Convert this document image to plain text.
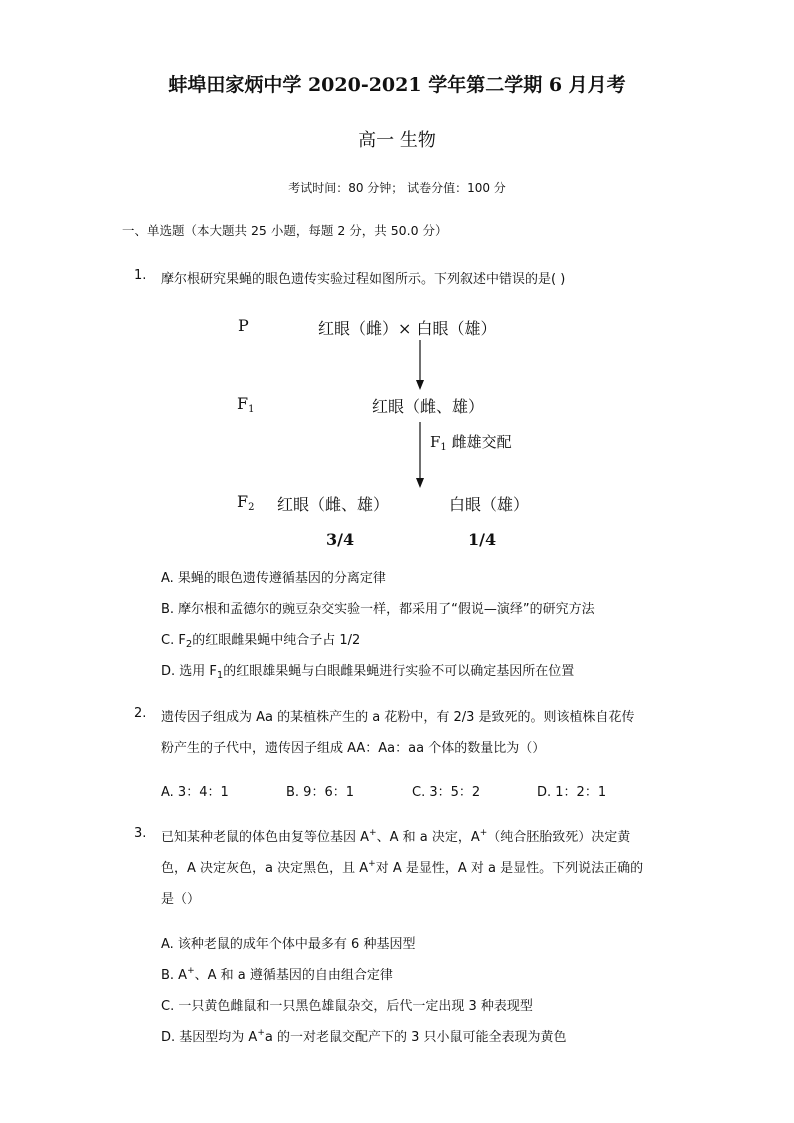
蚌埠田家炳中学 2020-2021 学年第二学期 6 月月考
高一 生物
考试时间：80 分钟； 试卷分值：100 分
一、单选题（本大题共 25 小题，每题 2 分，共 50.0 分）
1. 摩尔根研究果蝇的眼色遗传实验过程如图所示。下列叙述中错误的是( )
P	红眼（雌）× 白眼（雄）
$F_1$	红眼（雌、雄）
$F_1$ 雌雄交配
$F_2$ 红眼（雌、雄）	白眼（雄）
3/4	1/4
A. 果蝇的眼色遗传遵循基因的分离定律
B. 摩尔根和孟德尔的豌豆杂交实验一样，都采用了“假说—演绎”的研究方法
C. $F_2$的红眼雌果蝇中纯合子占 1/2
D. 选用 $F_1$的红眼雄果蝇与白眼雌果蝇进行实验不可以确定基因所在位置
2. 遗传因子组成为 Aa 的某植株产生的 a 花粉中，有 2/3 是致死的。则该植株自花传
粉产生的子代中，遗传因子组成 AA：Aa：aa 个体的数量比为（）
A. 3：4：1	B. 9：6：1	C. 3：5：2	D. 1：2：1
3. 已知某种老鼠的体色由复等位基因 A+、A 和 a 决定，A+（纯合胚胎致死）决定黄
色，A 决定灰色，a 决定黑色，且 A+对 A 是显性，A 对 a 是显性。下列说法正确的
是（）
A. 该种老鼠的成年个体中最多有 6 种基因型
B. A+、A 和 a 遵循基因的自由组合定律
C. 一只黄色雌鼠和一只黑色雄鼠杂交，后代一定出现 3 种表现型
D. 基因型均为 A+a 的一对老鼠交配产下的 3 只小鼠可能全表现为黄色
